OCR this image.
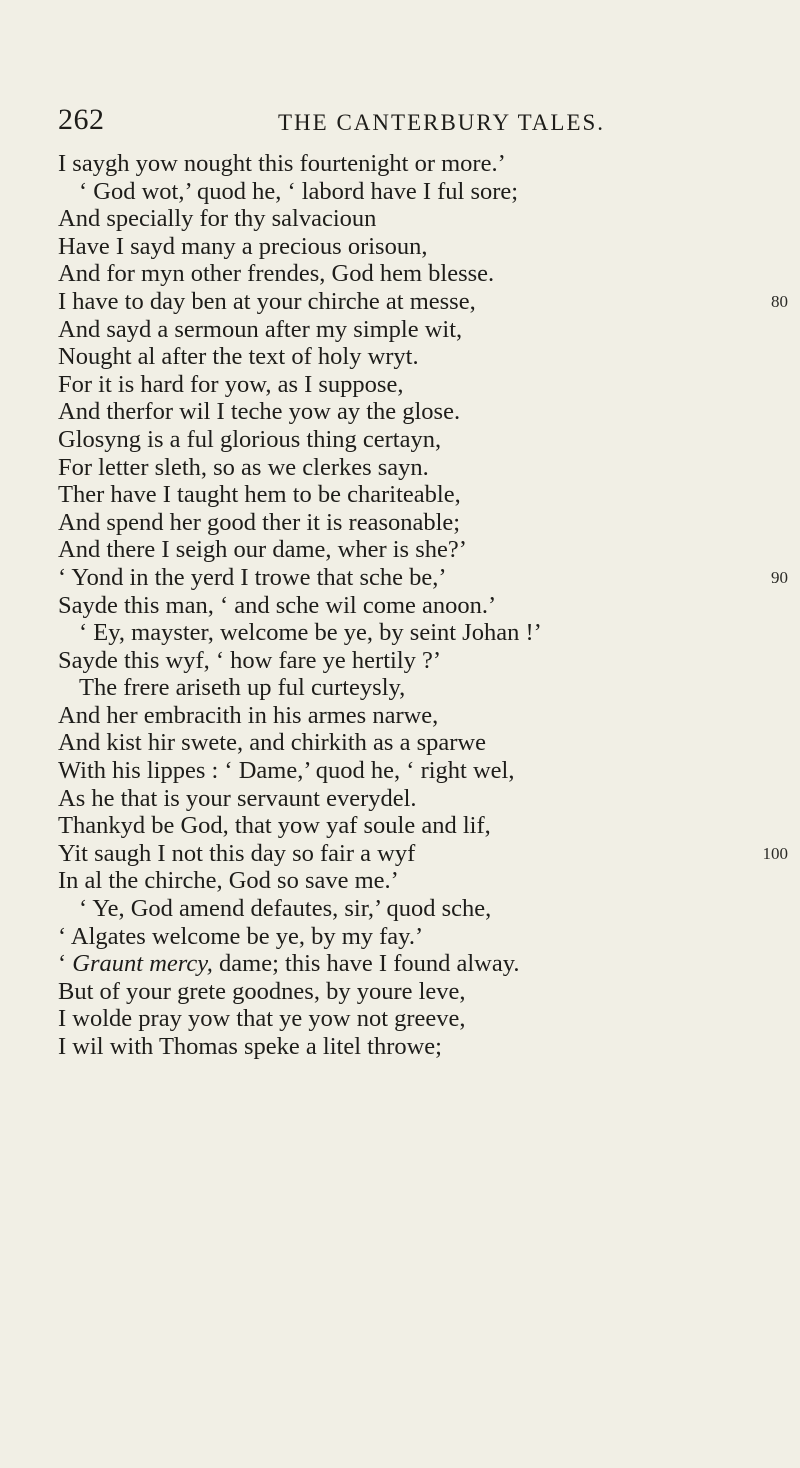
262	THE CANTERBURY TALES.
I saygh yow nought this fourtenight or more.’
‘ God wot,’ quod he, ‘ labord have I ful sore;
And specially for thy salvacioun
Have I sayd many a precious orisoun,
And for myn other frendes, God hem blesse.
I have to day ben at your chirche at messe,	80
And sayd a sermoun after my simple wit,
Nought al after the text of holy wryt.
For it is hard for yow, as I suppose,
And therfor wil I teche yow ay the glose.
Glosyng is a ful glorious thing certayn,
For letter sleth, so as we clerkes sayn.
Ther have I taught hem to be chariteable,
And spend her good ther it is reasonable;
And there I seigh our dame, wher is she?’
‘ Yond in the yerd I trowe that sche be,’	90
Sayde this man, ‘ and sche wil come anoon.’
‘ Ey, mayster, welcome be ye, by seint Johan !’
Sayde this wyf, ‘ how fare ye hertily ?’
The frere ariseth up ful curteysly,
And her embracith in his armes narwe,
And kist hir swete, and chirkith as a sparwe
With his lippes : ‘ Dame,’ quod he, ‘ right wel,
As he that is your servaunt everydel.
Thankyd be God, that yow yaf soule and lif,
Yit saugh I not this day so fair a wyf	100
In al the chirche, God so save me.’
‘ Ye, God amend defautes, sir,’ quod sche,
‘ Algates welcome be ye, by my fay.’
‘ Graunt mercy, dame; this have I found alway.
But of your grete goodnes, by youre leve,
I wolde pray yow that ye yow not greeve,
I wil with Thomas speke a litel throwe;
